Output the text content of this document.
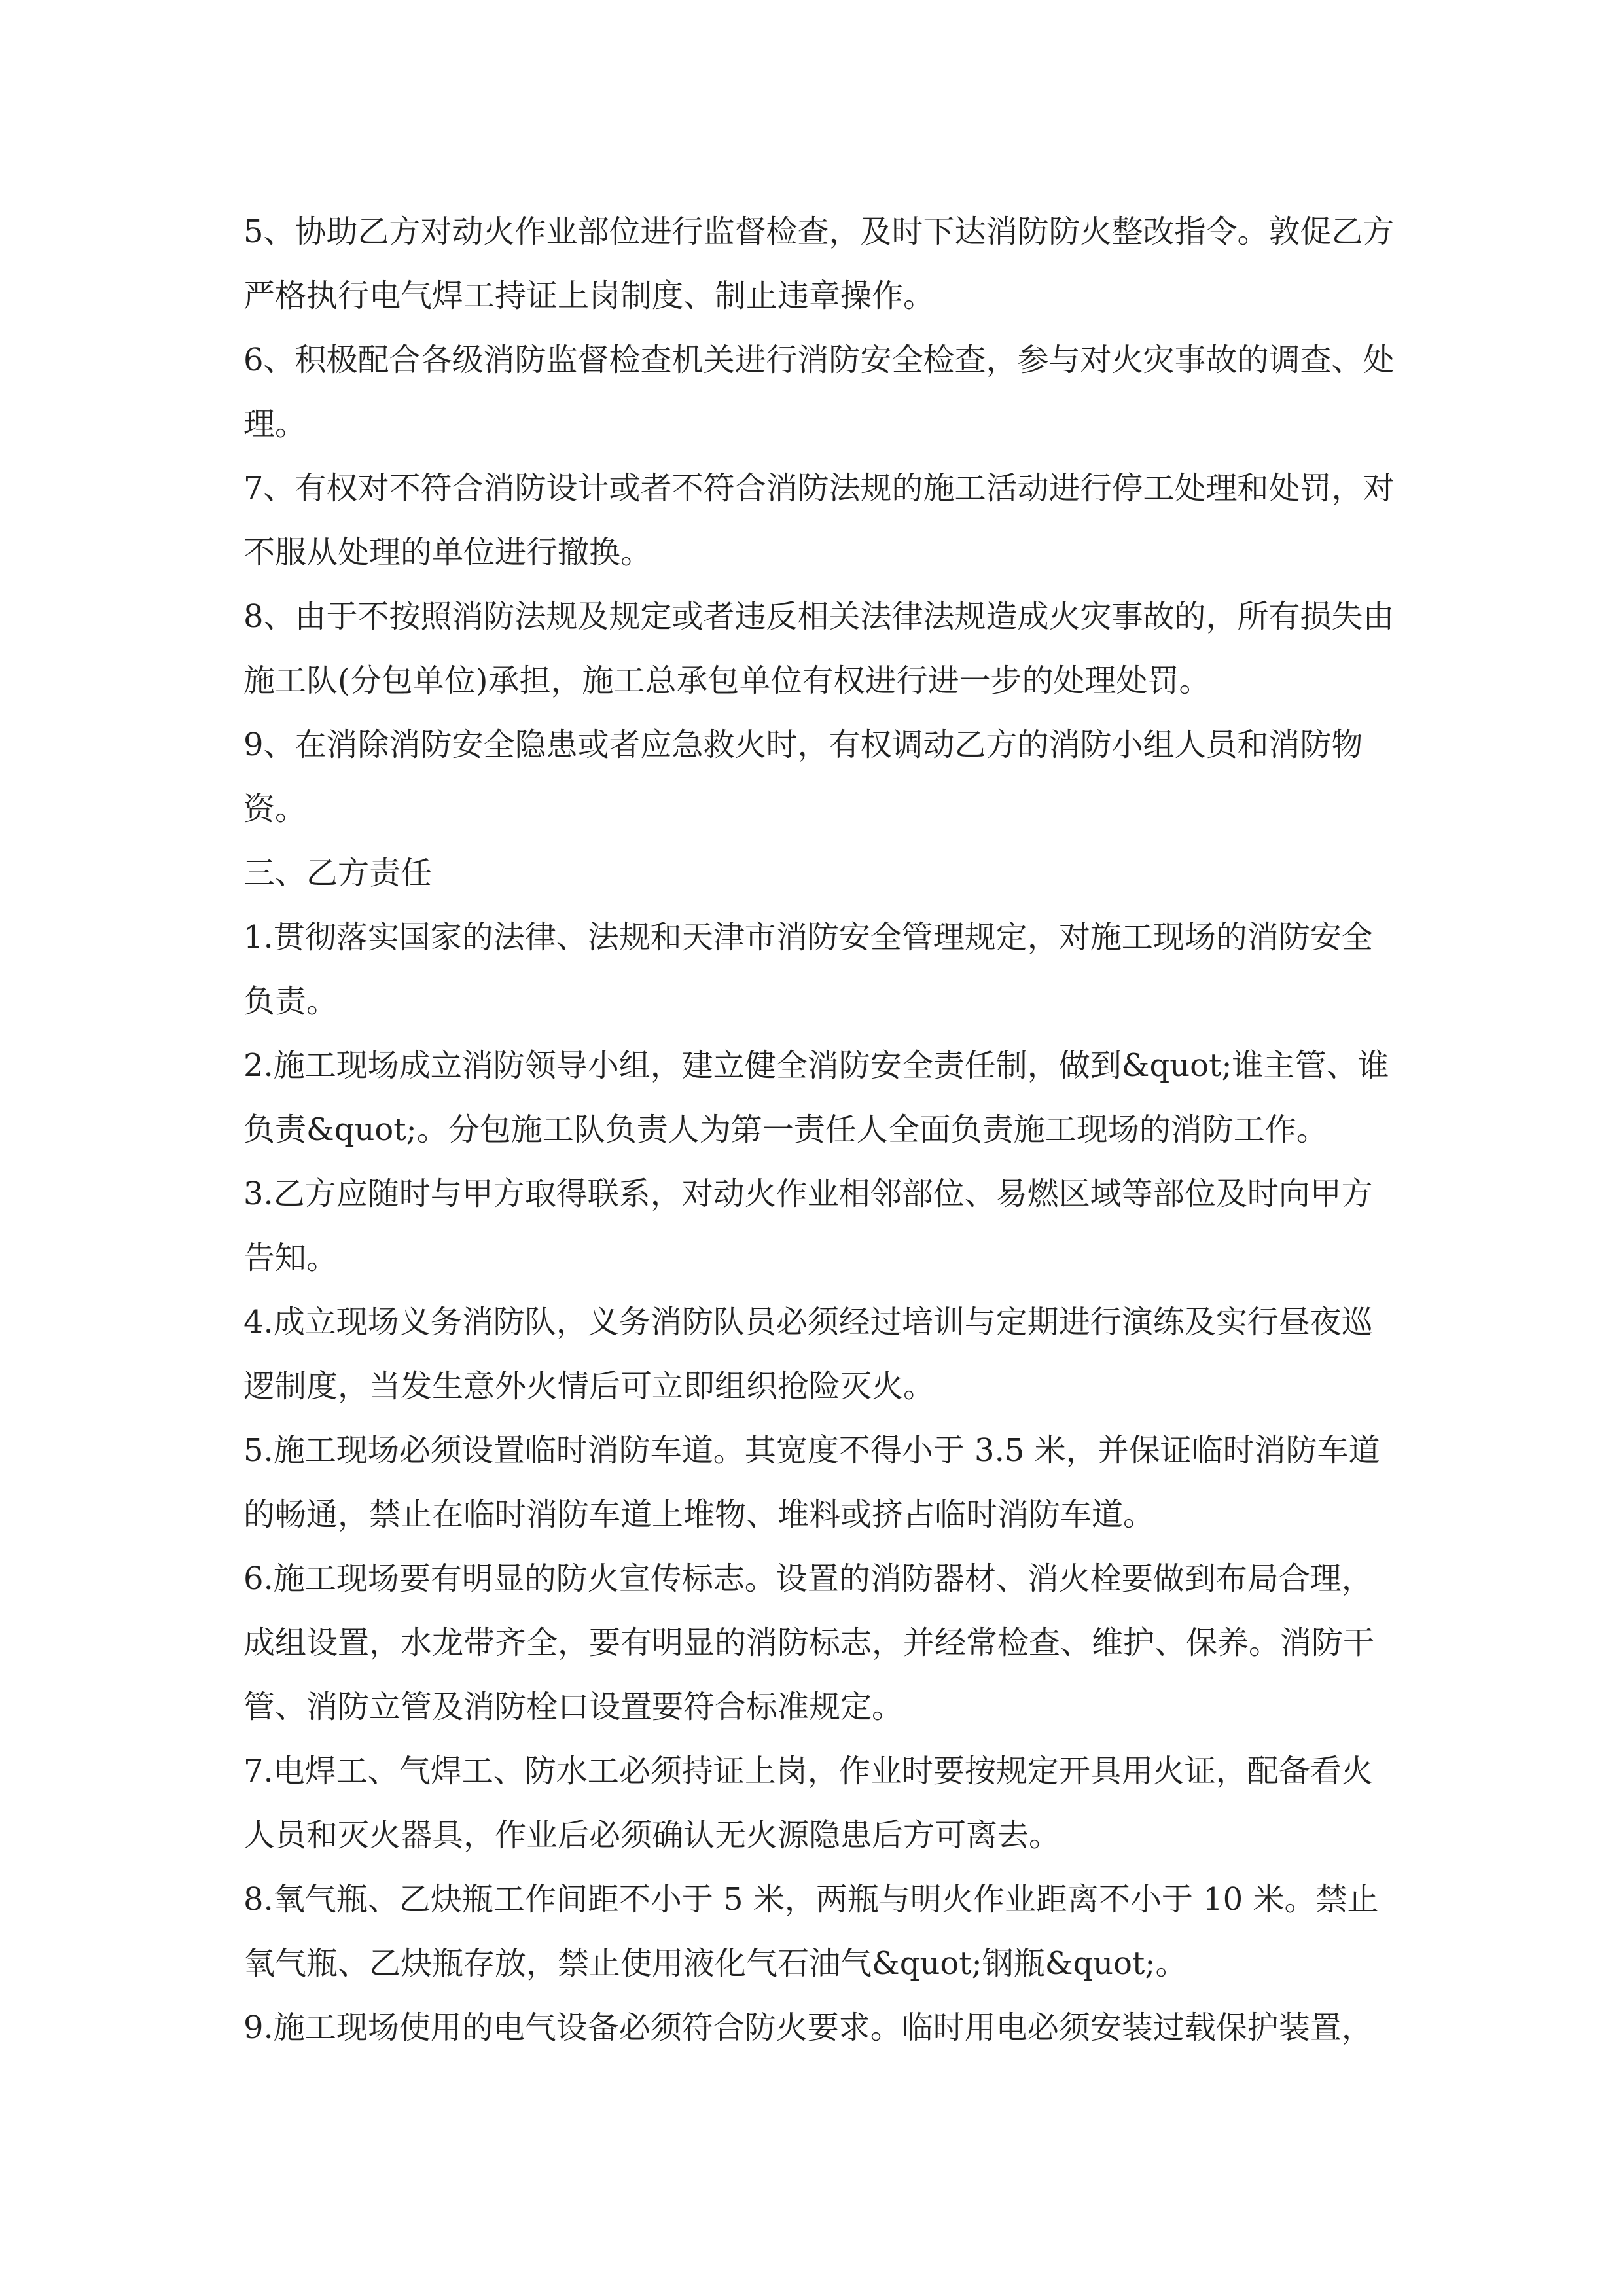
5、协助乙方对动火作业部位进行监督检查，及时下达消防防火整改指令。敦促乙方严格执行电气焊工持证上岗制度、制止违章操作。

6、积极配合各级消防监督检查机关进行消防安全检查，参与对火灾事故的调查、处理。

7、有权对不符合消防设计或者不符合消防法规的施工活动进行停工处理和处罚，对不服从处理的单位进行撤换。

8、由于不按照消防法规及规定或者违反相关法律法规造成火灾事故的，所有损失由施工队(分包单位)承担，施工总承包单位有权进行进一步的处理处罚。

9、在消除消防安全隐患或者应急救火时，有权调动乙方的消防小组人员和消防物资。

三、乙方责任

1.贯彻落实国家的法律、法规和天津市消防安全管理规定，对施工现场的消防安全负责。

2.施工现场成立消防领导小组，建立健全消防安全责任制，做到&quot;谁主管、谁负责&quot;。分包施工队负责人为第一责任人全面负责施工现场的消防工作。

3.乙方应随时与甲方取得联系，对动火作业相邻部位、易燃区域等部位及时向甲方告知。

4.成立现场义务消防队，义务消防队员必须经过培训与定期进行演练及实行昼夜巡逻制度，当发生意外火情后可立即组织抢险灭火。

5.施工现场必须设置临时消防车道。其宽度不得小于 3.5 米，并保证临时消防车道的畅通，禁止在临时消防车道上堆物、堆料或挤占临时消防车道。

6.施工现场要有明显的防火宣传标志。设置的消防器材、消火栓要做到布局合理，成组设置，水龙带齐全，要有明显的消防标志，并经常检查、维护、保养。消防干管、消防立管及消防栓口设置要符合标准规定。

7.电焊工、气焊工、防水工必须持证上岗，作业时要按规定开具用火证，配备看火人员和灭火器具，作业后必须确认无火源隐患后方可离去。

8.氧气瓶、乙炔瓶工作间距不小于 5 米，两瓶与明火作业距离不小于 10 米。禁止氧气瓶、乙炔瓶存放，禁止使用液化气石油气&quot;钢瓶&quot;。

9.施工现场使用的电气设备必须符合防火要求。临时用电必须安装过载保护装置，
